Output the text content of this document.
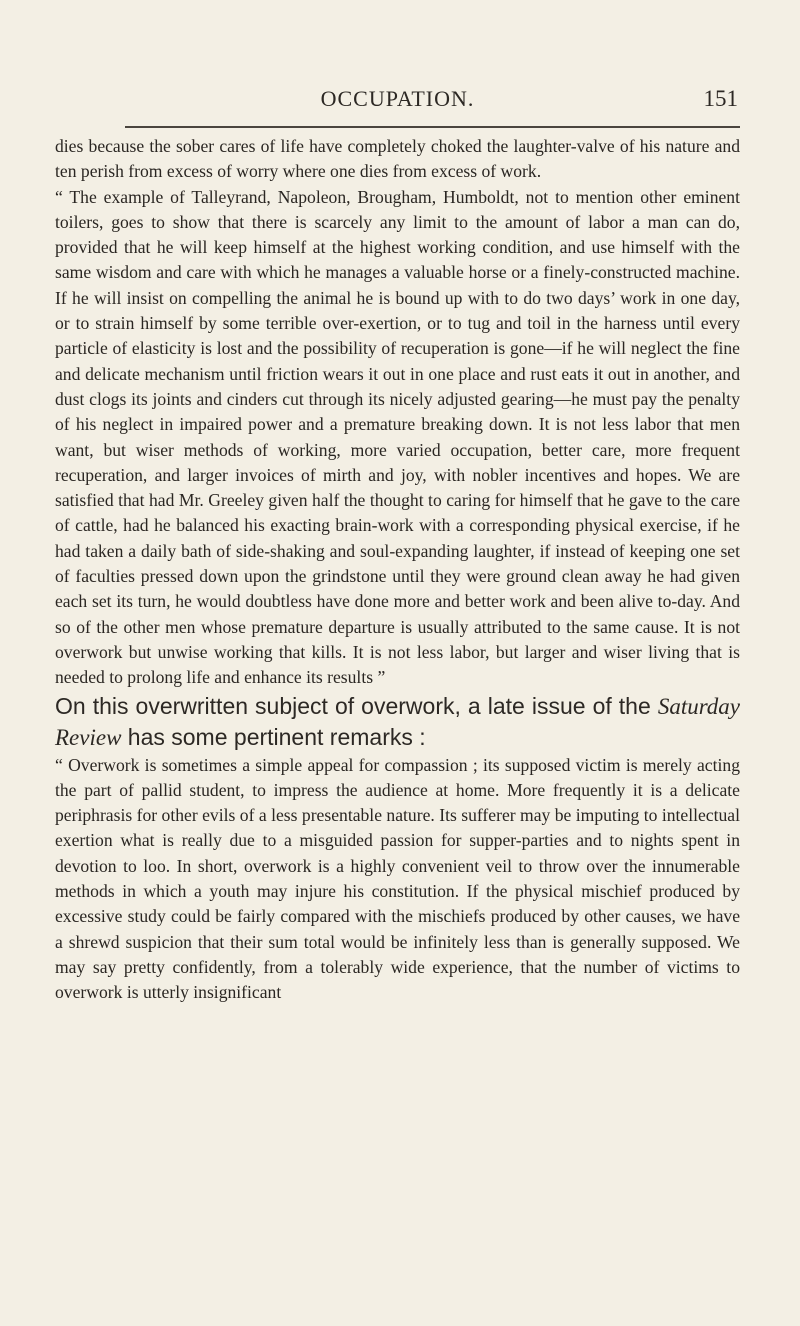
OCCUPATION.	151

dies because the sober cares of life have completely choked the laughter-valve of his nature and ten perish from excess of worry where one dies from excess of work.

“ The example of Talleyrand, Napoleon, Brougham, Humboldt, not to mention other eminent toilers, goes to show that there is scarcely any limit to the amount of labor a man can do, provided that he will keep himself at the highest working condition, and use himself with the same wisdom and care with which he manages a valuable horse or a finely-constructed machine. If he will insist on compelling the animal he is bound up with to do two days’ work in one day, or to strain himself by some terrible over-exertion, or to tug and toil in the harness until every particle of elasticity is lost and the possibility of recuperation is gone—if he will neglect the fine and delicate mechanism until friction wears it out in one place and rust eats it out in another, and dust clogs its joints and cinders cut through its nicely adjusted gearing—he must pay the penalty of his neglect in impaired power and a premature breaking down. It is not less labor that men want, but wiser methods of working, more varied occupation, better care, more frequent recuperation, and larger invoices of mirth and joy, with nobler incentives and hopes. We are satisfied that had Mr. Greeley given half the thought to caring for himself that he gave to the care of cattle, had he balanced his exacting brain-work with a corresponding physical exercise, if he had taken a daily bath of side-shaking and soul-expanding laughter, if instead of keeping one set of faculties pressed down upon the grindstone until they were ground clean away he had given each set its turn, he would doubtless have done more and better work and been alive to-day. And so of the other men whose premature departure is usually attributed to the same cause. It is not overwork but unwise working that kills. It is not less labor, but larger and wiser living that is needed to prolong life and enhance its results ”

On this overwritten subject of overwork, a late issue of the Saturday Review has some pertinent remarks :

“ Overwork is sometimes a simple appeal for compassion ; its supposed victim is merely acting the part of pallid student, to impress the audience at home. More frequently it is a delicate periphrasis for other evils of a less presentable nature. Its sufferer may be imputing to intellectual exertion what is really due to a misguided passion for supper-parties and to nights spent in devotion to loo. In short, overwork is a highly convenient veil to throw over the innumerable methods in which a youth may injure his constitution. If the physical mischief produced by excessive study could be fairly compared with the mischiefs produced by other causes, we have a shrewd suspicion that their sum total would be infinitely less than is generally supposed. We may say pretty confidently, from a tolerably wide experience, that the number of victims to overwork is utterly insignificant
